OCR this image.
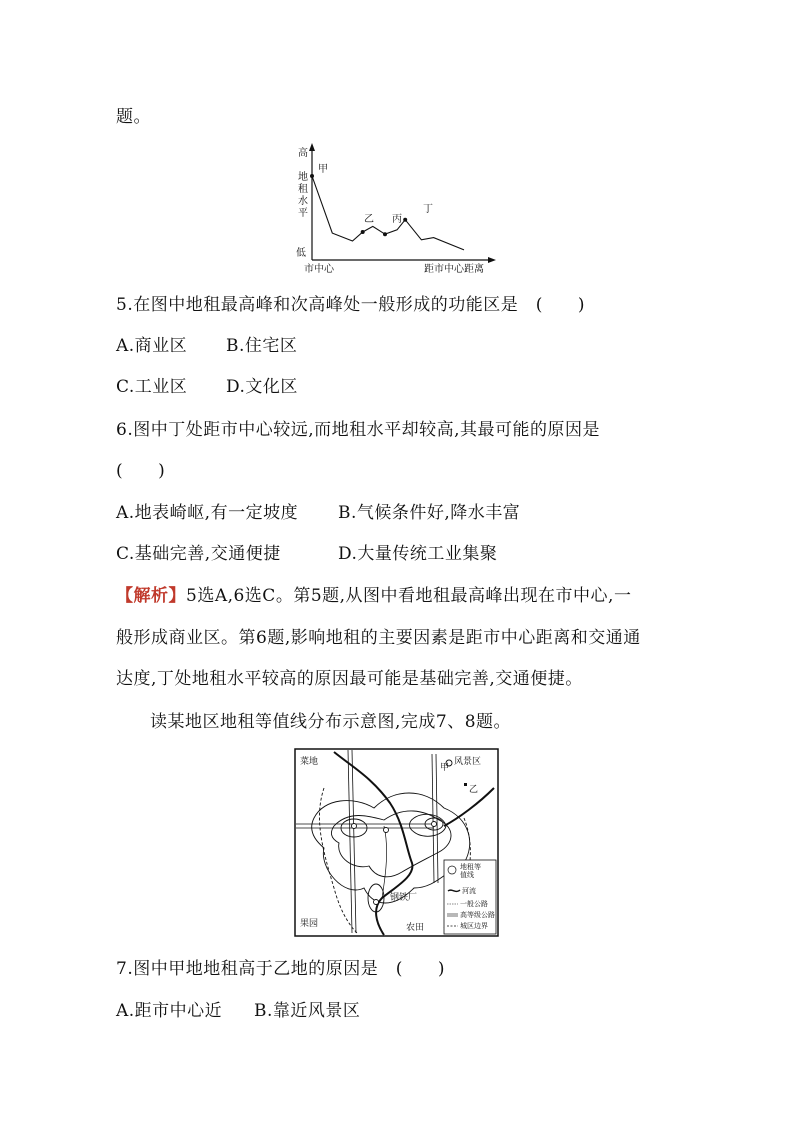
题。
高
地
租
水
平
低
市中心	距市中心距离
甲
乙 丙
丁
5.在图中地租最高峰和次高峰处一般形成的功能区是　(　　)
A.商业区 B.住宅区
C.工业区 D.文化区
6.图中丁处距市中心较远,而地租水平却较高,其最可能的原因是
(　　)
A.地表崎岖,有一定坡度 B.气候条件好,降水丰富
C.基础完善,交通便捷	D.大量传统工业集聚
【解析】5选A,6选C。第5题,从图中看地租最高峰出现在市中心,一
般形成商业区。第6题,影响地租的主要因素是距市中心距离和交通通
达度,丁处地租水平较高的原因最可能是基础完善,交通便捷。
读某地区地租等值线分布示意图,完成7、8题。
菜地
甲
风景区
乙
钢铁厂
果园	农田
地租等
值线
河流
一般公路
高等级公路
城区边界
7.图中甲地地租高于乙地的原因是　(　　)
A.距市中心近 B.靠近风景区
